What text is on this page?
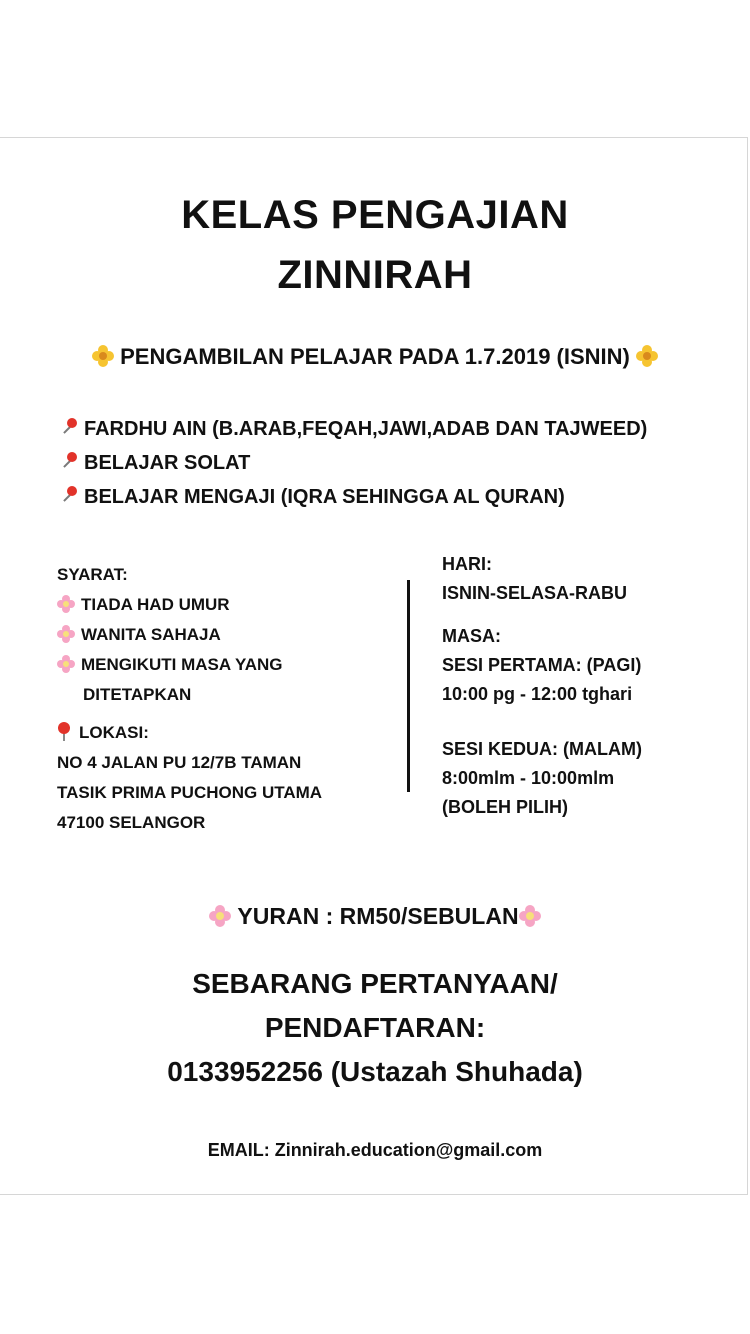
KELAS PENGAJIAN
ZINNIRAH
PENGAMBILAN PELAJAR PADA 1.7.2019 (ISNIN)
FARDHU AIN (B.ARAB,FEQAH,JAWI,ADAB DAN TAJWEED)
BELAJAR SOLAT
BELAJAR MENGAJI (IQRA SEHINGGA AL QURAN)
SYARAT:
TIADA HAD UMUR
WANITA SAHAJA
MENGIKUTI MASA YANG
DITETAPKAN
LOKASI:
NO 4 JALAN PU 12/7B TAMAN
TASIK PRIMA PUCHONG UTAMA
47100 SELANGOR
HARI:
ISNIN-SELASA-RABU
MASA:
SESI PERTAMA: (PAGI)
10:00 pg - 12:00 tghari
SESI KEDUA: (MALAM)
8:00mlm - 10:00mlm
(BOLEH PILIH)
YURAN : RM50/SEBULAN
SEBARANG PERTANYAAN/
PENDAFTARAN:
0133952256 (Ustazah Shuhada)
EMAIL: Zinnirah.education@gmail.com
